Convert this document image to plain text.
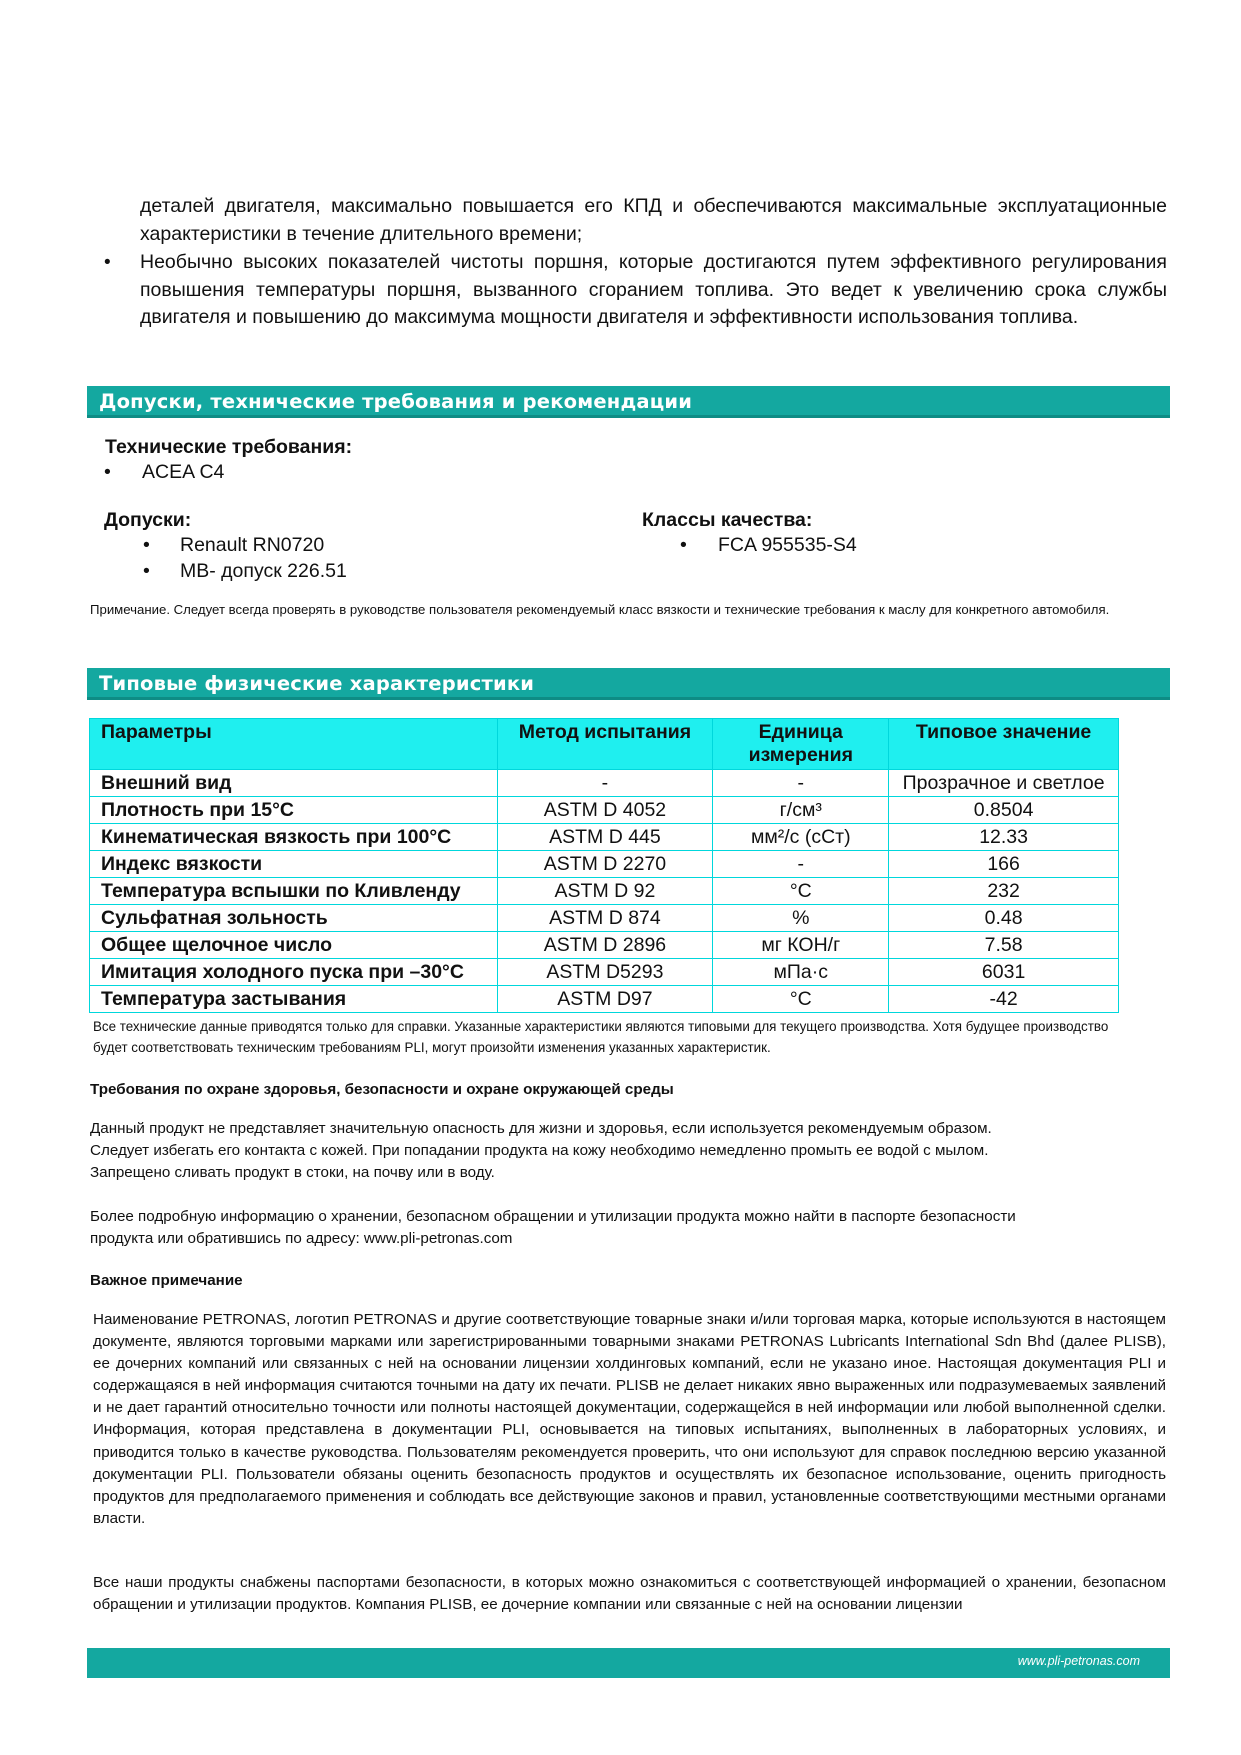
деталей двигателя, максимально повышается его КПД и обеспечиваются максимальные эксплуатационные характеристики в течение длительного времени;
• Необычно высоких показателей чистоты поршня, которые достигаются путем эффективного регулирования повышения температуры поршня, вызванного сгоранием топлива. Это ведет к увеличению срока службы двигателя и повышению до максимума мощности двигателя и эффективности использования топлива.
Допуски, технические требования и рекомендации
Технические требования:
• ACEA C4
Допуски:
• Renault RN0720
• MB- допуск 226.51
Классы качества:
• FCA 955535-S4
Примечание. Следует всегда проверять в руководстве пользователя рекомендуемый класс вязкости и технические требования к маслу для конкретного автомобиля.
Типовые физические характеристики
Параметры	Метод испытания	Единица измерения	Типовое значение
Внешний вид	-	-	Прозрачное и светлое
Плотность при 15°C	ASTM D 4052	г/см³	0.8504
Кинематическая вязкость при 100°C	ASTM D 445	мм²/с (сСт)	12.33
Индекс вязкости	ASTM D 2270	-	166
Температура вспышки по Кливленду	ASTM D 92	°C	232
Сульфатная зольность	ASTM D 874	%	0.48
Общее щелочное число	ASTM D 2896	мг КОН/г	7.58
Имитация холодного пуска при –30°C	ASTM D5293	мПа·с	6031
Температура застывания	ASTM D97	°C	-42
Все технические данные приводятся только для справки. Указанные характеристики являются типовыми для текущего производства. Хотя будущее производство будет соответствовать техническим требованиям PLI, могут произойти изменения указанных характеристик.
Требования по охране здоровья, безопасности и охране окружающей среды
Данный продукт не представляет значительную опасность для жизни и здоровья, если используется рекомендуемым образом.
Следует избегать его контакта с кожей. При попадании продукта на кожу необходимо немедленно промыть ее водой с мылом.
Запрещено сливать продукт в стоки, на почву или в воду.
Более подробную информацию о хранении, безопасном обращении и утилизации продукта можно найти в паспорте безопасности
продукта или обратившись по адресу: www.pli-petronas.com
Важное примечание
Наименование PETRONAS, логотип PETRONAS и другие соответствующие товарные знаки и/или торговая марка, которые используются в настоящем документе, являются торговыми марками или зарегистрированными товарными знаками PETRONAS Lubricants International Sdn Bhd (далее PLISB), ее дочерних компаний или связанных с ней на основании лицензии холдинговых компаний, если не указано иное. Настоящая документация PLI и содержащаяся в ней информация считаются точными на дату их печати. PLISB не делает никаких явно выраженных или подразумеваемых заявлений и не дает гарантий относительно точности или полноты настоящей документации, содержащейся в ней информации или любой выполненной сделки. Информация, которая представлена в документации PLI, основывается на типовых испытаниях, выполненных в лабораторных условиях, и приводится только в качестве руководства. Пользователям рекомендуется проверить, что они используют для справок последнюю версию указанной документации PLI. Пользователи обязаны оценить безопасность продуктов и осуществлять их безопасное использование, оценить пригодность продуктов для предполагаемого применения и соблюдать все действующие законов и правил, установленные соответствующими местными органами власти.
Все наши продукты снабжены паспортами безопасности, в которых можно ознакомиться с соответствующей информацией о хранении, безопасном обращении и утилизации продуктов. Компания PLISB, ее дочерние компании или связанные с ней на основании лицензии
www.pli-petronas.com
